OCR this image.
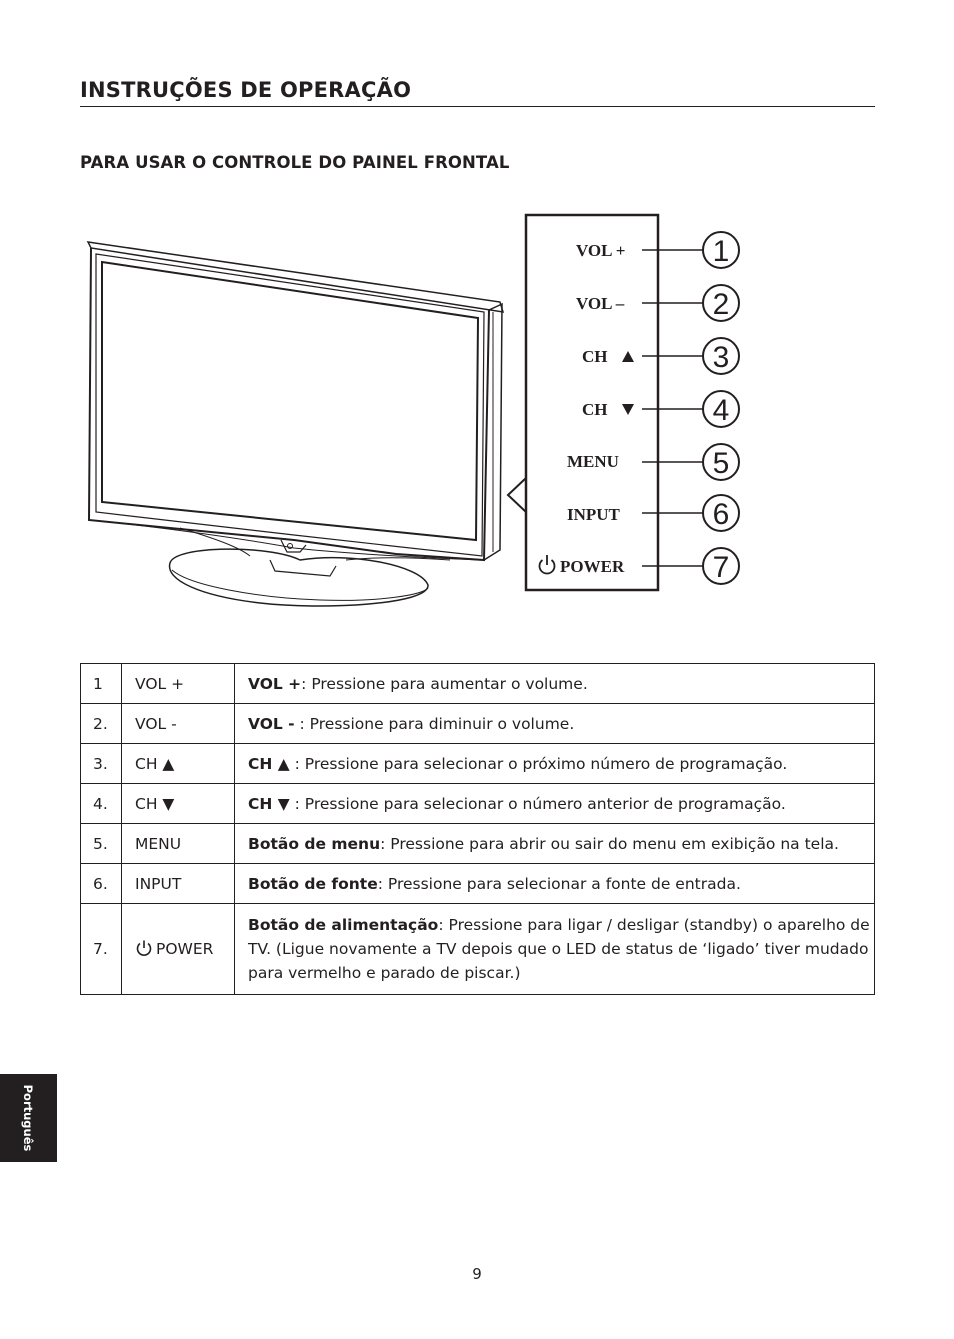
INSTRUÇÕES DE OPERAÇÃO
PARA USAR O CONTROLE DO PAINEL FRONTAL
VOL +
VOL –
CH
CH
MENU
INPUT
POWER
1
2
3
4
5
6
7
1	VOL +	VOL +: Pressione para aumentar o volume.
2.	VOL -	VOL - : Pressione para diminuir o volume.
3.	CH ▲	CH ▲ : Pressione para selecionar o próximo número de programação.
4.	CH ▼	CH ▼ : Pressione para selecionar o número anterior de programação.
5.	MENU	Botão de menu: Pressione para abrir ou sair do menu em exibição na tela.
6.	INPUT	Botão de fonte: Pressione para selecionar a fonte de entrada.
7.	POWER	Botão de alimentação: Pressione para ligar / desligar (standby) o aparelho de TV. (Ligue novamente a TV depois que o LED de status de ‘ligado’ tiver mudado para vermelho e parado de piscar.)
Português
9
